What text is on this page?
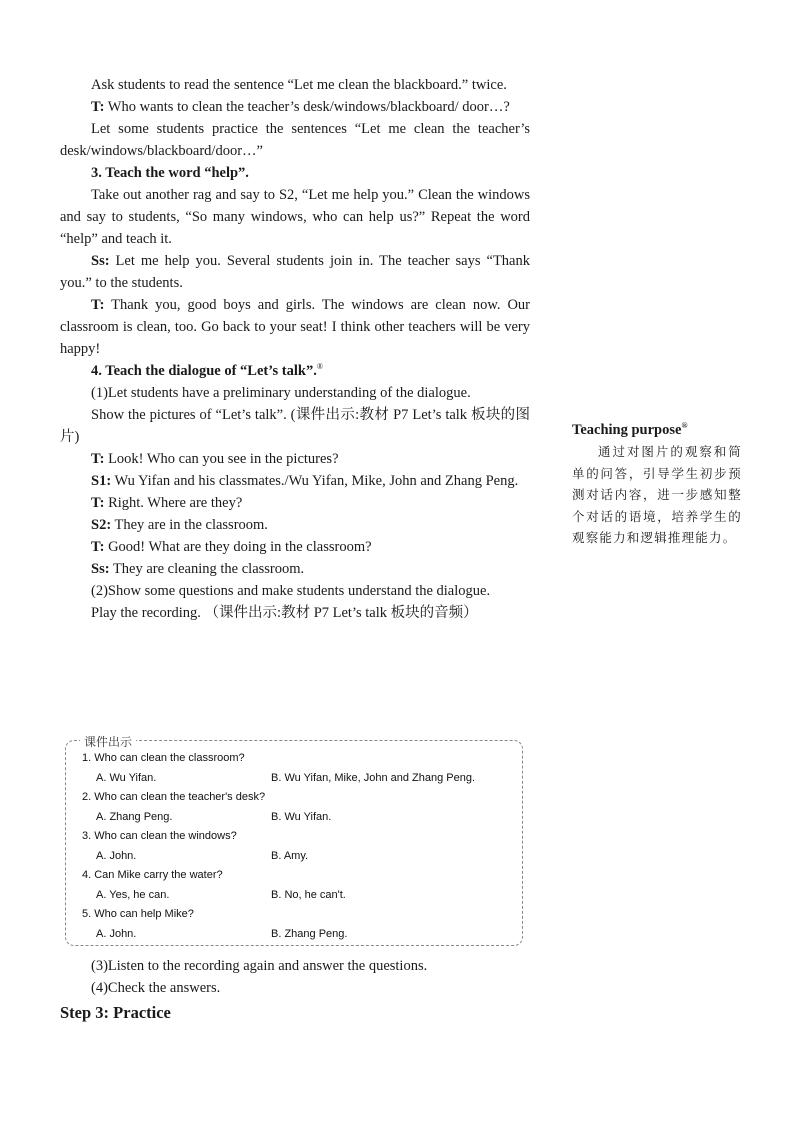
Ask students to read the sentence “Let me clean the blackboard.” twice.

T: Who wants to clean the teacher’s desk/windows/blackboard/ door…?

Let some students practice the sentences “Let me clean the teacher’s desk/windows/blackboard/door…”

3. Teach the word “help”.

Take out another rag and say to S2, “Let me help you.” Clean the windows and say to students, “So many windows, who can help us?” Repeat the word “help” and teach it.

Ss: Let me help you. Several students join in. The teacher says “Thank you.” to the students.

T: Thank you, good boys and girls. The windows are clean now. Our classroom is clean, too. Go back to your seat! I think other teachers will be very happy!

4. Teach the dialogue of “Let’s talk”.®

(1)Let students have a preliminary understanding of the dialogue.

Show the pictures of “Let’s talk”. (课件出示:教材 P7 Let’s talk 板块的图片)

T: Look! Who can you see in the pictures?

S1: Wu Yifan and his classmates./Wu Yifan, Mike, John and Zhang Peng.

T: Right. Where are they?

S2: They are in the classroom.

T: Good! What are they doing in the classroom?

Ss: They are cleaning the classroom.

(2)Show some questions and make students understand the dialogue.

Play the recording. （课件出示:教材 P7 Let’s talk 板块的音频）

课件出示
1. Who can clean the classroom?
A. Wu Yifan.	B. Wu Yifan, Mike, John and Zhang Peng.
2. Who can clean the teacher's desk?
A. Zhang Peng.	B. Wu Yifan.
3. Who can clean the windows?
A. John.	B. Amy.
4. Can Mike carry the water?
A. Yes, he can.	B. No, he can't.
5. Who can help Mike?
A. John.	B. Zhang Peng.

(3)Listen to the recording again and answer the questions.

(4)Check the answers.

Step 3: Practice
Teaching purpose®

通过对图片的观察和简单的问答，引导学生初步预测对话内容，进一步感知整个对话的语境，培养学生的观察能力和逻辑推理能力。
